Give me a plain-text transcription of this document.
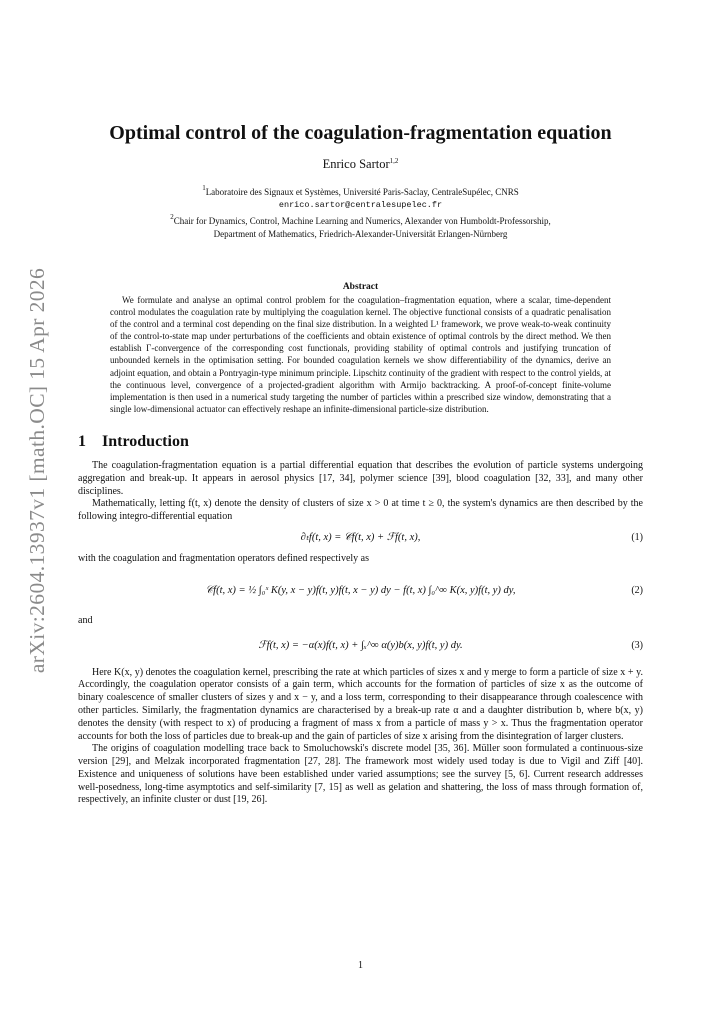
arXiv:2604.13937v1 [math.OC] 15 Apr 2026
Optimal control of the coagulation-fragmentation equation
Enrico Sartor$^{1,2}$
$^1$Laboratoire des Signaux et Systèmes, Université Paris-Saclay, CentraleSupélec, CNRS
enrico.sartor@centralesupelec.fr
$^2$Chair for Dynamics, Control, Machine Learning and Numerics, Alexander von Humboldt-Professorship,
Department of Mathematics, Friedrich-Alexander-Universität Erlangen-Nürnberg
Abstract

We formulate and analyse an optimal control problem for the coagulation–fragmentation equation, where a scalar, time-dependent control modulates the coagulation rate by multiplying the coagulation kernel. The objective functional consists of a quadratic penalisation of the control and a terminal cost depending on the final size distribution. In a weighted L¹ framework, we prove weak-to-weak continuity of the control-to-state map under perturbations of the coefficients and obtain existence of optimal controls by the direct method. We then establish Γ-convergence of the corresponding cost functionals, providing stability of optimal controls and justifying truncation of unbounded kernels in the optimisation setting. For bounded coagulation kernels we show differentiability of the dynamics, derive an adjoint equation, and obtain a Pontryagin-type minimum principle. Lipschitz continuity of the gradient with respect to the control yields, at the continuous level, convergence of a projected-gradient algorithm with Armijo backtracking. A proof-of-concept finite-volume implementation is then used in a numerical study targeting the number of particles within a prescribed size window, demonstrating that a single low-dimensional actuator can effectively reshape an infinite-dimensional particle-size distribution.

1 Introduction

The coagulation-fragmentation equation is a partial differential equation that describes the evolution of particle systems undergoing aggregation and break-up. It appears in aerosol physics [17, 34], polymer science [39], blood coagulation [32, 33], and many other disciplines.

Mathematically, letting f(t, x) denote the density of clusters of size x > 0 at time t ≥ 0, the system's dynamics are then described by the following integro-differential equation

∂ₜf(t, x) = 𝒞f(t, x) + ℱf(t, x),	(1)

with the coagulation and fragmentation operators defined respectively as

𝒞f(t, x) = ½ ∫₀ˣ K(y, x − y)f(t, y)f(t, x − y) dy − f(t, x) ∫₀^∞ K(x, y)f(t, y) dy,	(2)

and

ℱf(t, x) = −α(x)f(t, x) + ∫ₓ^∞ α(y)b(x, y)f(t, y) dy.	(3)

Here K(x, y) denotes the coagulation kernel, prescribing the rate at which particles of sizes x and y merge to form a particle of size x + y. Accordingly, the coagulation operator consists of a gain term, which accounts for the formation of particles of size x as the outcome of binary coalescence of smaller clusters of sizes y and x − y, and a loss term, corresponding to their disappearance through coalescence with other particles. Similarly, the fragmentation dynamics are characterised by a break-up rate α and a daughter distribution b, where b(x, y) denotes the density (with respect to x) of producing a fragment of mass x from a particle of mass y > x. Thus the fragmentation operator accounts for both the loss of particles due to break-up and the gain of particles of size x arising from the disintegration of larger clusters.

The origins of coagulation modelling trace back to Smoluchowski's discrete model [35, 36]. Müller soon formulated a continuous-size version [29], and Melzak incorporated fragmentation [27, 28]. The framework most widely used today is due to Vigil and Ziff [40]. Existence and uniqueness of solutions have been established under varied assumptions; see the survey [5, 6]. Current research addresses well-posedness, long-time asymptotics and self-similarity [7, 15] as well as gelation and shattering, the loss of mass through formation of, respectively, an infinite cluster or dust [19, 26].

1
